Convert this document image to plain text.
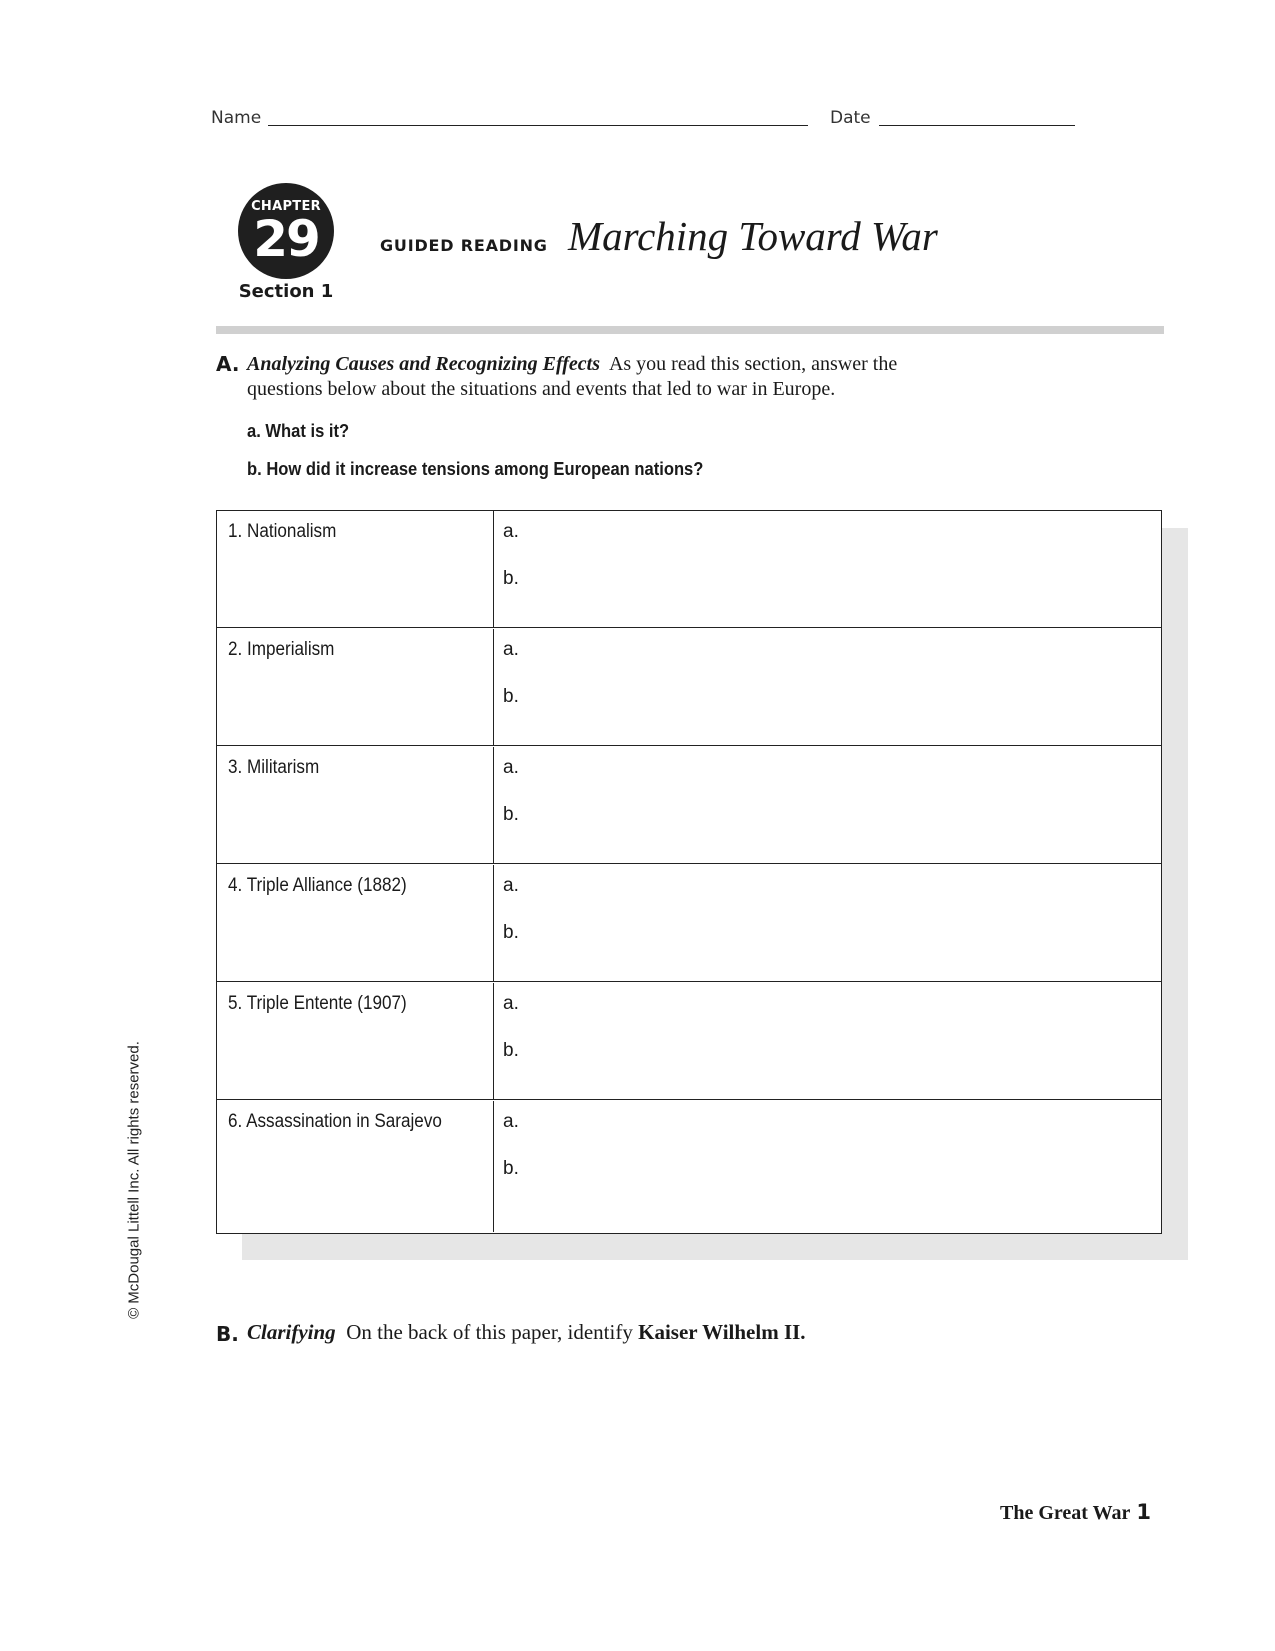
Name	Date
CHAPTER
29
Section 1
GUIDED READING Marching Toward War
A. Analyzing Causes and Recognizing Effects As you read this section, answer the questions below about the situations and events that led to war in Europe.
a. What is it?
b. How did it increase tensions among European nations?
1. Nationalism	a.
b.
2. Imperialism	a.
b.
3. Militarism	a.
b.
4. Triple Alliance (1882)	a.
b.
5. Triple Entente (1907)	a.
b.
6. Assassination in Sarajevo	a.
b.
B. Clarifying On the back of this paper, identify Kaiser Wilhelm II.
© McDougal Littell Inc. All rights reserved.
The Great War 1
